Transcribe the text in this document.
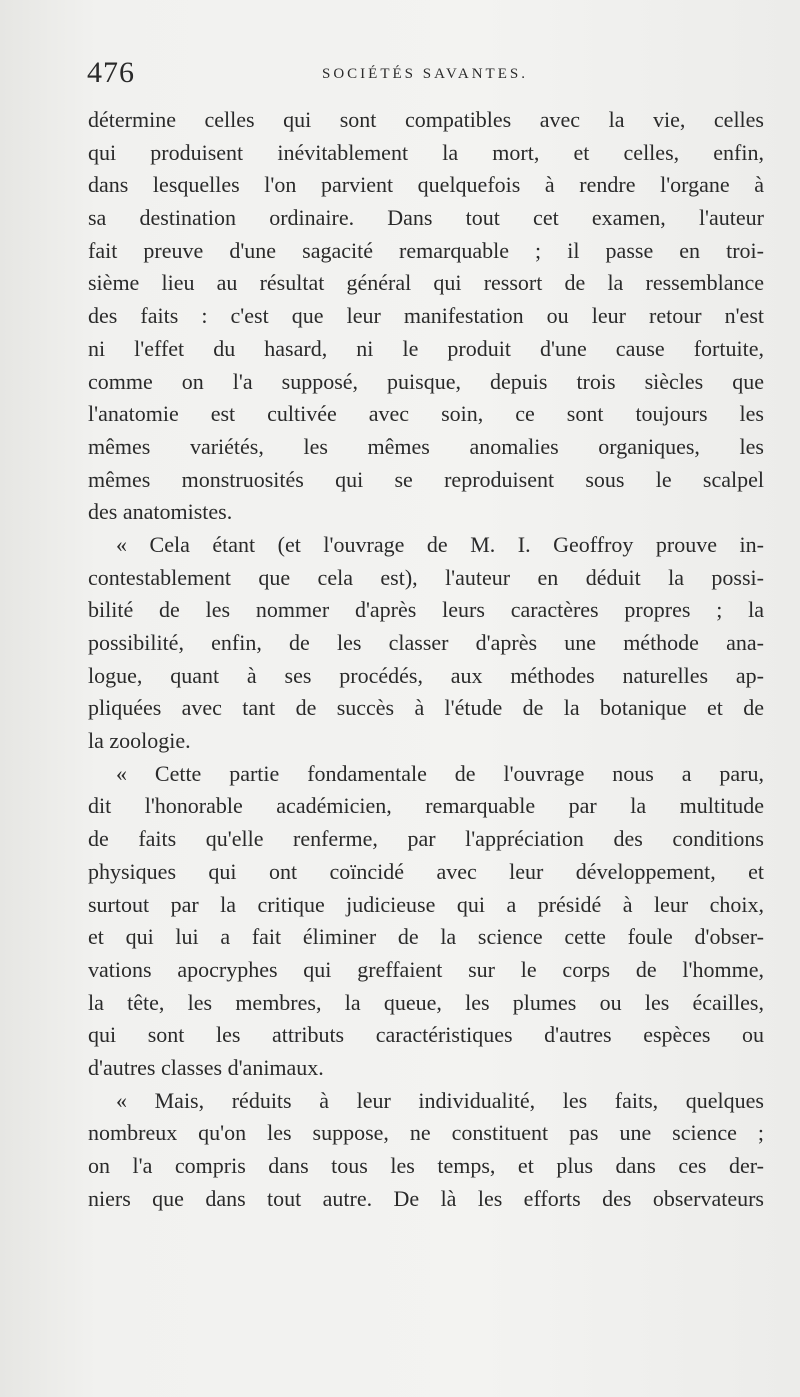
476	SOCIÉTÉS SAVANTES.
détermine celles qui sont compatibles avec la vie, celles
qui produisent inévitablement la mort, et celles, enfin,
dans lesquelles l'on parvient quelquefois à rendre l'organe à
sa destination ordinaire. Dans tout cet examen, l'auteur
fait preuve d'une sagacité remarquable ; il passe en troi-
sième lieu au résultat général qui ressort de la ressemblance
des faits : c'est que leur manifestation ou leur retour n'est
ni l'effet du hasard, ni le produit d'une cause fortuite,
comme on l'a supposé, puisque, depuis trois siècles que
l'anatomie est cultivée avec soin, ce sont toujours les
mêmes variétés, les mêmes anomalies organiques, les
mêmes monstruosités qui se reproduisent sous le scalpel
des anatomistes.
« Cela étant (et l'ouvrage de M. I. Geoffroy prouve in-
contestablement que cela est), l'auteur en déduit la possi-
bilité de les nommer d'après leurs caractères propres ; la
possibilité, enfin, de les classer d'après une méthode ana-
logue, quant à ses procédés, aux méthodes naturelles ap-
pliquées avec tant de succès à l'étude de la botanique et de
la zoologie.
« Cette partie fondamentale de l'ouvrage nous a paru,
dit l'honorable académicien, remarquable par la multitude
de faits qu'elle renferme, par l'appréciation des conditions
physiques qui ont coïncidé avec leur développement, et
surtout par la critique judicieuse qui a présidé à leur choix,
et qui lui a fait éliminer de la science cette foule d'obser-
vations apocryphes qui greffaient sur le corps de l'homme,
la tête, les membres, la queue, les plumes ou les écailles,
qui sont les attributs caractéristiques d'autres espèces ou
d'autres classes d'animaux.
« Mais, réduits à leur individualité, les faits, quelques
nombreux qu'on les suppose, ne constituent pas une science ;
on l'a compris dans tous les temps, et plus dans ces der-
niers que dans tout autre. De là les efforts des observateurs
